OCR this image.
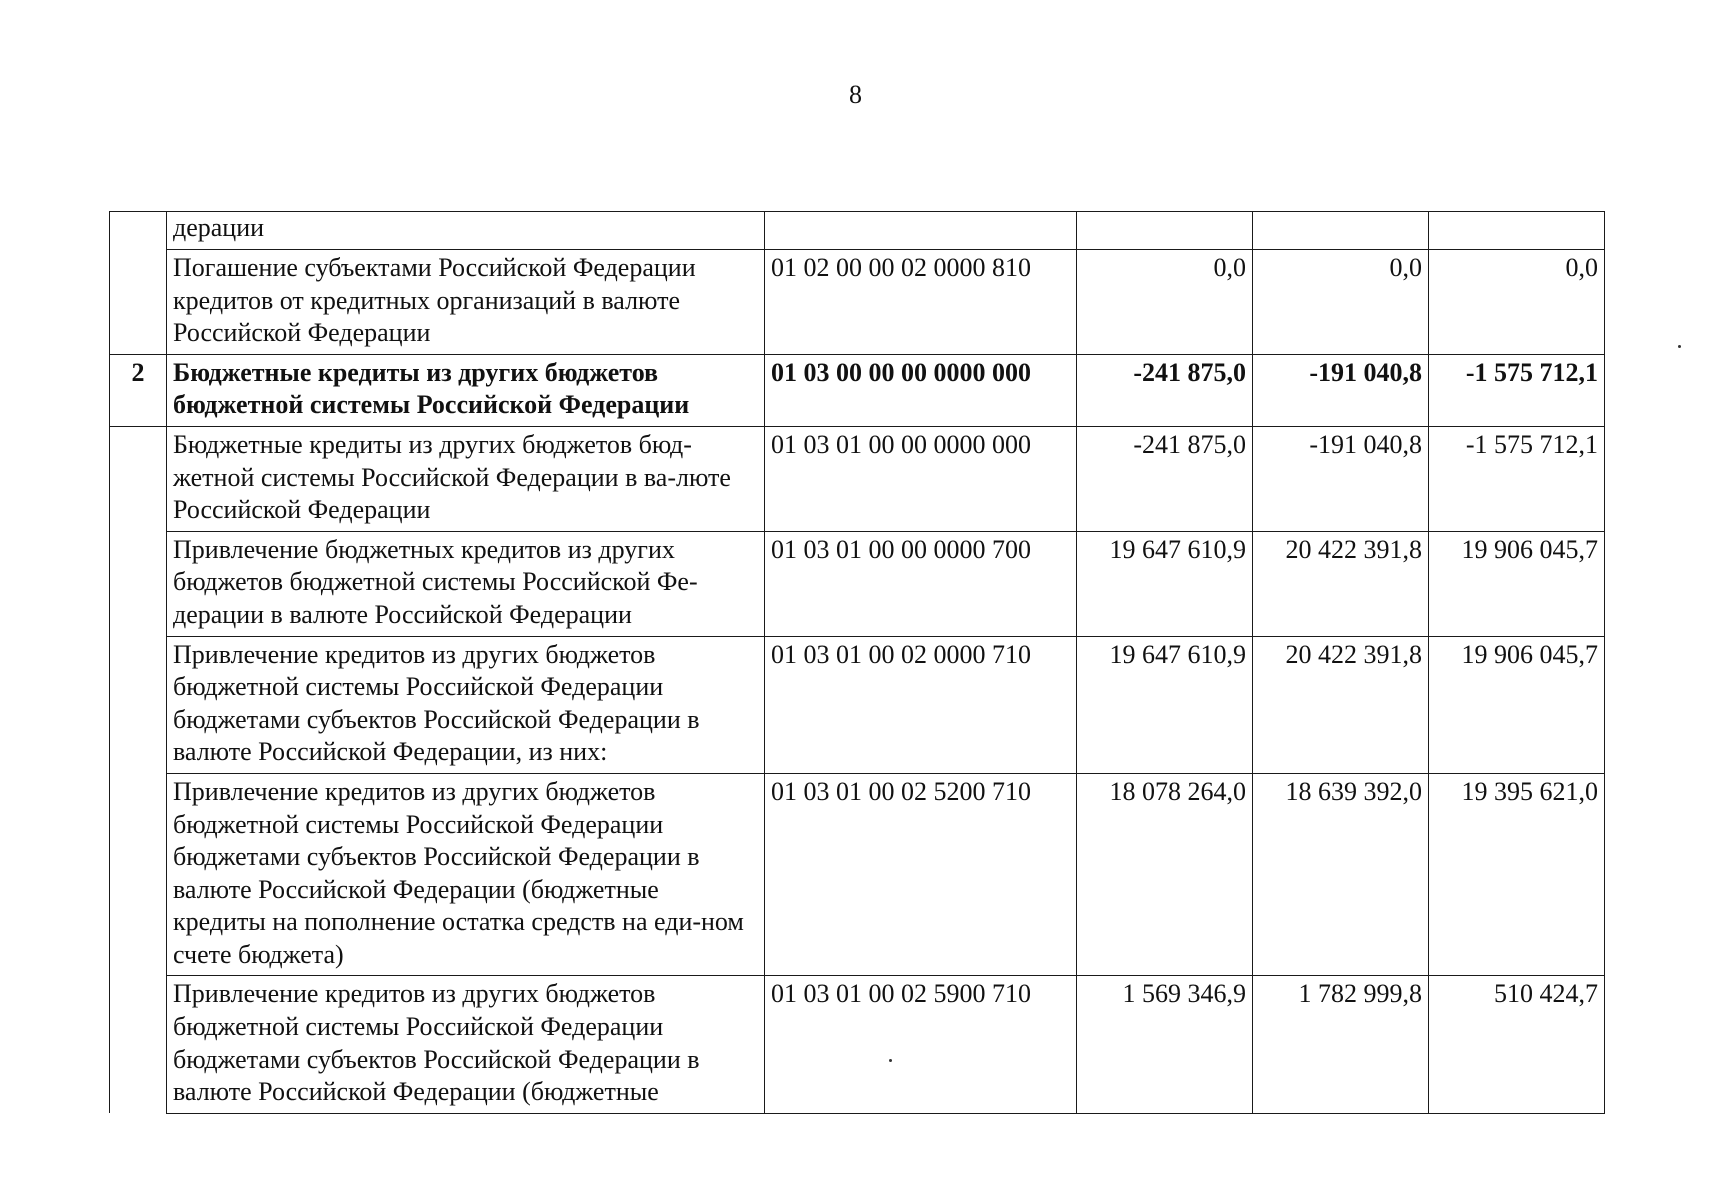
8
	дерации				
	Погашение субъектами Российской Федерации кредитов от кредитных организаций в валюте Российской Федерации	01 02 00 00 02 0000 810	0,0	0,0	0,0
2	Бюджетные кредиты из других бюджетов бюджетной системы Российской Федерации	01 03 00 00 00 0000 000	-241 875,0	-191 040,8	-1 575 712,1
	Бюджетные кредиты из других бюджетов бюд-жетной системы Российской Федерации в ва-люте Российской Федерации	01 03 01 00 00 0000 000	-241 875,0	-191 040,8	-1 575 712,1
	Привлечение бюджетных кредитов из других бюджетов бюджетной системы Российской Фе-дерации в валюте Российской Федерации	01 03 01 00 00 0000 700	19 647 610,9	20 422 391,8	19 906 045,7
	Привлечение кредитов из других бюджетов бюджетной системы Российской Федерации бюджетами субъектов Российской Федерации в валюте Российской Федерации, из них:	01 03 01 00 02 0000 710	19 647 610,9	20 422 391,8	19 906 045,7
	Привлечение кредитов из других бюджетов бюджетной системы Российской Федерации бюджетами субъектов Российской Федерации в валюте Российской Федерации (бюджетные кредиты на пополнение остатка средств на еди-ном счете бюджета)	01 03 01 00 02 5200 710	18 078 264,0	18 639 392,0	19 395 621,0
	Привлечение кредитов из других бюджетов бюджетной системы Российской Федерации бюджетами субъектов Российской Федерации в валюте Российской Федерации (бюджетные	01 03 01 00 02 5900 710	1 569 346,9	1 782 999,8	510 424,7
